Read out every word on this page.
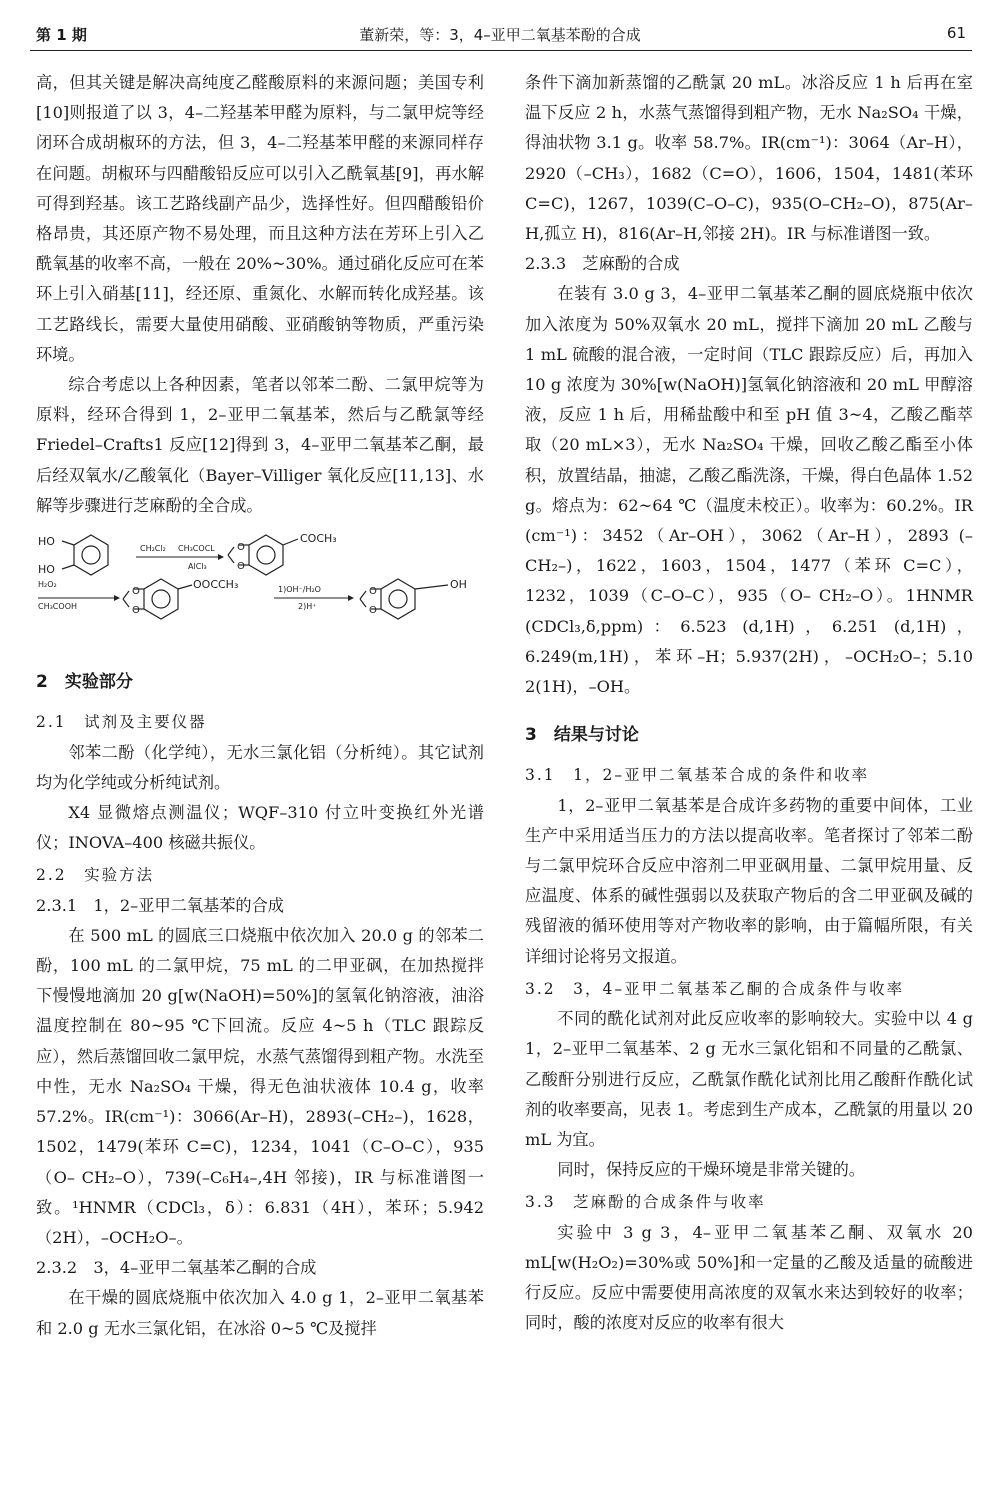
第 1 期	董新荣，等：3，4–亚甲二氧基苯酚的合成	61

高，但其关键是解决高纯度乙醛酸原料的来源问题；美国专利[10]则报道了以 3，4–二羟基苯甲醛为原料，与二氯甲烷等经闭环合成胡椒环的方法，但 3，4–二羟基苯甲醛的来源同样存在问题。胡椒环与四醋酸铅反应可以引入乙酰氧基[9]，再水解可得到羟基。该工艺路线副产品少，选择性好。但四醋酸铅价格昂贵，其还原产物不易处理，而且这种方法在芳环上引入乙酰氧基的收率不高，一般在 20%~30%。通过硝化反应可在苯环上引入硝基[11]，经还原、重氮化、水解而转化成羟基。该工艺路线长，需要大量使用硝酸、亚硝酸钠等物质，严重污染环境。

综合考虑以上各种因素，笔者以邻苯二酚、二氯甲烷等为原料，经环合得到 1，2–亚甲二氧基苯，然后与乙酰氯等经 Friedel–Crafts1 反应[12]得到 3，4–亚甲二氧基苯乙酮，最后经双氧水/乙酸氧化（Bayer–Villiger 氧化反应[11,13]、水解等步骤进行芝麻酚的全合成。

HO
HO
CH₂Cl₂ CH₃COCL
AlCl₃
O
O
COCH₃
H₂O₂
CH₃COOH
O
O
OOCCH₃	1)OH⁻/H₂O
2)H⁺
O
O
OH
2　实验部分
2.1　试剂及主要仪器

邻苯二酚（化学纯），无水三氯化铝（分析纯）。其它试剂均为化学纯或分析纯试剂。

X4 显微熔点测温仪；WQF–310 付立叶变换红外光谱仪；INOVA–400 核磁共振仪。

2.2　实验方法
2.3.1　1，2–亚甲二氧基苯的合成

在 500 mL 的圆底三口烧瓶中依次加入 20.0 g 的邻苯二酚，100 mL 的二氯甲烷，75 mL 的二甲亚砜，在加热搅拌下慢慢地滴加 20 g[w(NaOH)=50%]的氢氧化钠溶液，油浴温度控制在 80~95 ℃下回流。反应 4~5 h（TLC 跟踪反应），然后蒸馏回收二氯甲烷，水蒸气蒸馏得到粗产物。水洗至中性，无水 Na₂SO₄ 干燥，得无色油状液体 10.4 g，收率 57.2%。IR(cm⁻¹)：3066(Ar–H)，2893(–CH₂–)，1628，1502，1479(苯环 C=C)，1234，1041（C–O–C），935（O– CH₂–O），739(–C₆H₄–,4H 邻接)，IR 与标准谱图一致。¹HNMR（CDCl₃，δ）：6.831（4H），苯环；5.942（2H），–OCH₂O–。

2.3.2　3，4–亚甲二氧基苯乙酮的合成

在干燥的圆底烧瓶中依次加入 4.0 g 1，2–亚甲二氧基苯和 2.0 g 无水三氯化铝，在冰浴 0~5 ℃及搅拌

条件下滴加新蒸馏的乙酰氯 20 mL。冰浴反应 1 h 后再在室温下反应 2 h，水蒸气蒸馏得到粗产物，无水 Na₂SO₄ 干燥，得油状物 3.1 g。收率 58.7%。IR(cm⁻¹)：3064（Ar–H），2920（–CH₃），1682（C=O），1606，1504，1481(苯环 C=C)，1267，1039(C–O–C)，935(O–CH₂–O)，875(Ar–H,孤立 H)，816(Ar–H,邻接 2H)。IR 与标准谱图一致。

2.3.3　芝麻酚的合成

在装有 3.0 g 3，4–亚甲二氧基苯乙酮的圆底烧瓶中依次加入浓度为 50%双氧水 20 mL，搅拌下滴加 20 mL 乙酸与 1 mL 硫酸的混合液，一定时间（TLC 跟踪反应）后，再加入 10 g 浓度为 30%[w(NaOH)]氢氧化钠溶液和 20 mL 甲醇溶液，反应 1 h 后，用稀盐酸中和至 pH 值 3~4，乙酸乙酯萃取（20 mL×3），无水 Na₂SO₄ 干燥，回收乙酸乙酯至小体积，放置结晶，抽滤，乙酸乙酯洗涤，干燥，得白色晶体 1.52 g。熔点为：62~64 ℃（温度未校正）。收率为：60.2%。IR (cm⁻¹)：3452（Ar–OH），3062（Ar–H），2893 (–CH₂–)，1622，1603，1504，1477（苯环 C=C），1232，1039（C–O–C），935（O– CH₂–O）。1HNMR (CDCl₃,δ,ppm)：6.523 (d,1H)，6.251 (d,1H)，6.249(m,1H)，苯环–H；5.937(2H)，–OCH₂O–；5.10 2(1H)，–OH。

3　结果与讨论
3.1　1，2–亚甲二氧基苯合成的条件和收率

1，2–亚甲二氧基苯是合成许多药物的重要中间体，工业生产中采用适当压力的方法以提高收率。笔者探讨了邻苯二酚与二氯甲烷环合反应中溶剂二甲亚砜用量、二氯甲烷用量、反应温度、体系的碱性强弱以及获取产物后的含二甲亚砜及碱的残留液的循环使用等对产物收率的影响，由于篇幅所限，有关详细讨论将另文报道。

3.2　3，4–亚甲二氧基苯乙酮的合成条件与收率

不同的酰化试剂对此反应收率的影响较大。实验中以 4 g 1，2–亚甲二氧基苯、2 g 无水三氯化铝和不同量的乙酰氯、乙酸酐分别进行反应，乙酰氯作酰化试剂比用乙酸酐作酰化试剂的收率要高，见表 1。考虑到生产成本，乙酰氯的用量以 20 mL 为宜。

同时，保持反应的干燥环境是非常关键的。

3.3　芝麻酚的合成条件与收率

实验中 3 g 3，4–亚甲二氧基苯乙酮、双氧水 20 mL[w(H₂O₂)=30%或 50%]和一定量的乙酸及适量的硫酸进行反应。反应中需要使用高浓度的双氧水来达到较好的收率；同时，酸的浓度对反应的收率有很大
